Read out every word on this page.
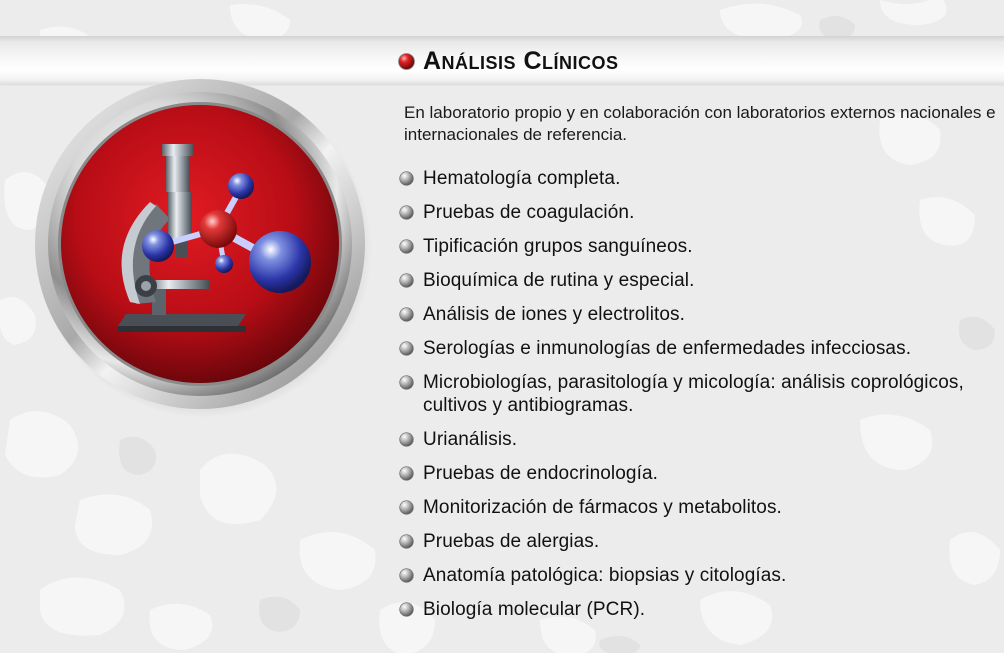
Análisis Clínicos

En laboratorio propio y en colaboración con laboratorios externos nacionales e internacionales de referencia.

Hematología completa.
Pruebas de coagulación.
Tipificación grupos sanguíneos.
Bioquímica de rutina y especial.
Análisis de iones y electrolitos.
Serologías e inmunologías de enfermedades infecciosas.
Microbiologías, parasitología y micología: análisis coprológicos, cultivos y antibiogramas.
Urianálisis.
Pruebas de endocrinología.
Monitorización de fármacos y metabolitos.
Pruebas de alergias.
Anatomía patológica: biopsias y citologías.
Biología molecular (PCR).
